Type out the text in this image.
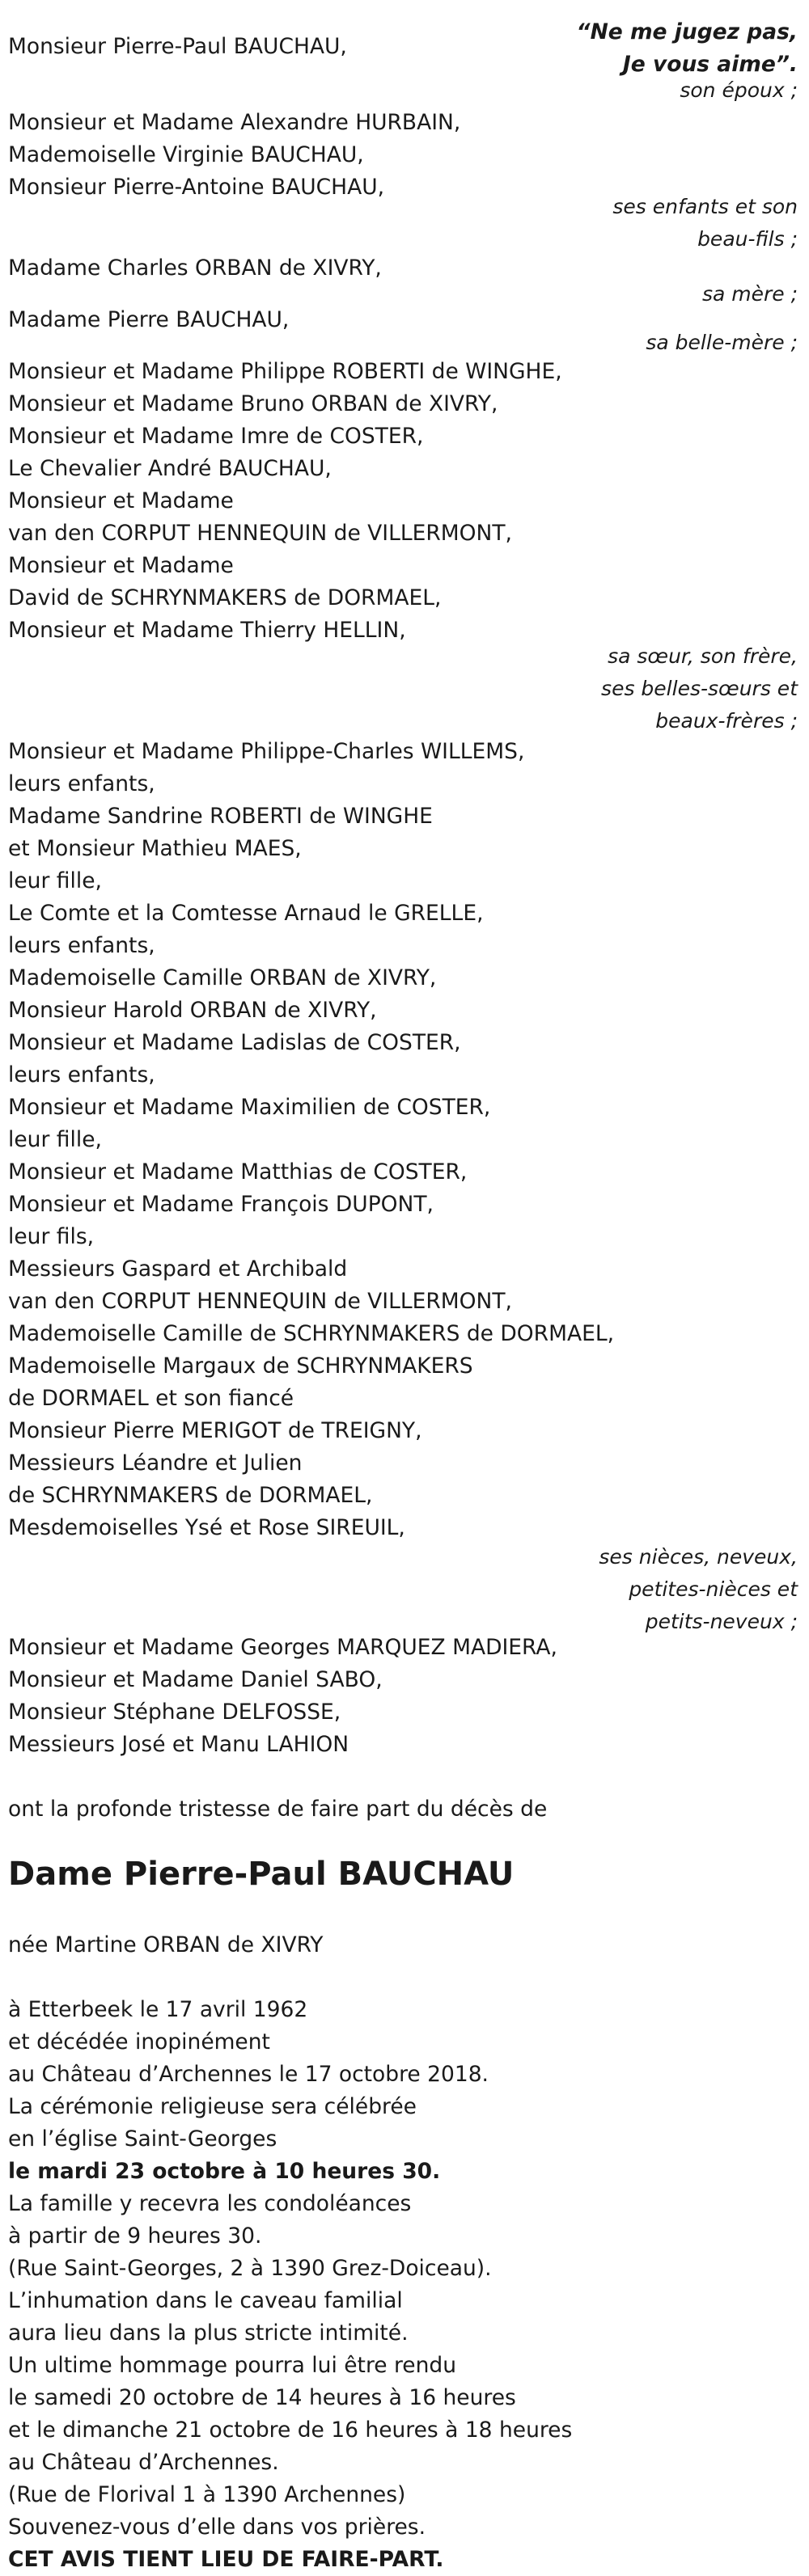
“Ne me jugez pas,
Je vous aime”.
son époux ;
ses enfants et son
beau-fils ;
sa mère ;
sa belle-mère ;
sa sœur, son frère,
ses belles-sœurs et
beaux-frères ;
ses nièces, neveux,
petites-nièces et
petits-neveux ;
Monsieur Pierre-Paul BAUCHAU,
Monsieur et Madame Alexandre HURBAIN,
Mademoiselle Virginie BAUCHAU,
Monsieur Pierre-Antoine BAUCHAU,
Madame Charles ORBAN de XIVRY,
Madame Pierre BAUCHAU,
Monsieur et Madame Philippe ROBERTI de WINGHE,
Monsieur et Madame Bruno ORBAN de XIVRY,
Monsieur et Madame Imre de COSTER,
Le Chevalier André BAUCHAU,
Monsieur et Madame
van den CORPUT HENNEQUIN de VILLERMONT,
Monsieur et Madame
David de SCHRYNMAKERS de DORMAEL,
Monsieur et Madame Thierry HELLIN,
Monsieur et Madame Philippe-Charles WILLEMS,
leurs enfants,
Madame Sandrine ROBERTI de WINGHE
et Monsieur Mathieu MAES,
leur fille,
Le Comte et la Comtesse Arnaud le GRELLE,
leurs enfants,
Mademoiselle Camille ORBAN de XIVRY,
Monsieur Harold ORBAN de XIVRY,
Monsieur et Madame Ladislas de COSTER,
leurs enfants,
Monsieur et Madame Maximilien de COSTER,
leur fille,
Monsieur et Madame Matthias de COSTER,
Monsieur et Madame François DUPONT,
leur fils,
Messieurs Gaspard et Archibald
van den CORPUT HENNEQUIN de VILLERMONT,
Mademoiselle Camille de SCHRYNMAKERS de DORMAEL,
Mademoiselle Margaux de SCHRYNMAKERS
de DORMAEL et son fiancé
Monsieur Pierre MERIGOT de TREIGNY,
Messieurs Léandre et Julien
de SCHRYNMAKERS de DORMAEL,
Mesdemoiselles Ysé et Rose SIREUIL,
Monsieur et Madame Georges MARQUEZ MADIERA,
Monsieur et Madame Daniel SABO,
Monsieur Stéphane DELFOSSE,
Messieurs José et Manu LAHION
ont la profonde tristesse de faire part du décès de
Dame Pierre-Paul BAUCHAU
née Martine ORBAN de XIVRY
à Etterbeek le 17 avril 1962
et décédée inopinément
au Château d’Archennes le 17 octobre 2018.
La cérémonie religieuse sera célébrée
en l’église Saint-Georges
le mardi 23 octobre à 10 heures 30.
La famille y recevra les condoléances
à partir de 9 heures 30.
(Rue Saint-Georges, 2 à 1390 Grez-Doiceau).
L’inhumation dans le caveau familial
aura lieu dans la plus stricte intimité.
Un ultime hommage pourra lui être rendu
le samedi 20 octobre de 14 heures à 16 heures
et le dimanche 21 octobre de 16 heures à 18 heures
au Château d’Archennes.
(Rue de Florival 1 à 1390 Archennes)
Souvenez-vous d’elle dans vos prières.
CET AVIS TIENT LIEU DE FAIRE-PART.
